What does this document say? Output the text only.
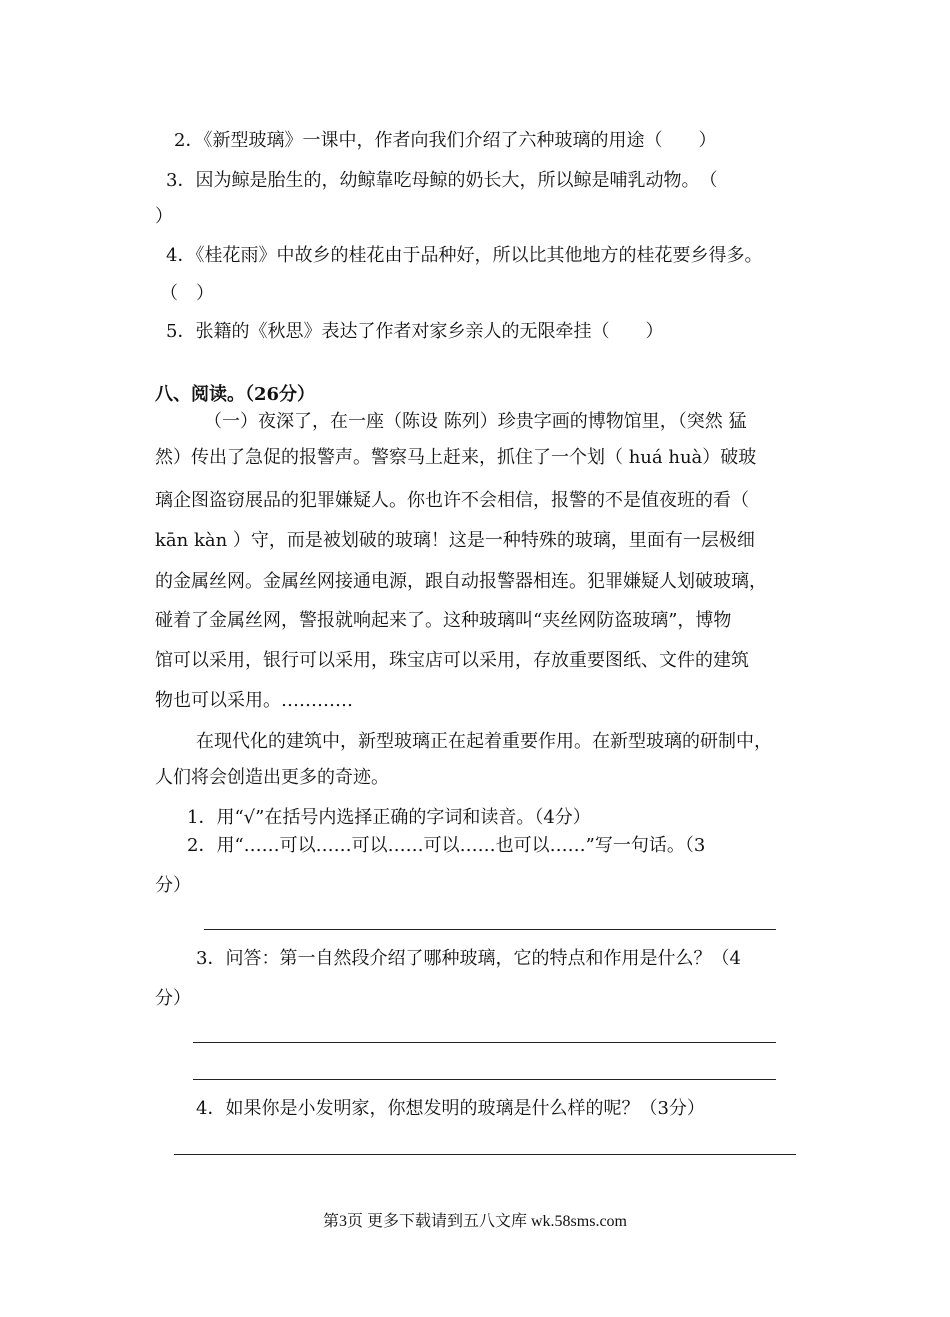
2．《新型玻璃》一课中，作者向我们介绍了六种玻璃的用途（　　）
3．因为鲸是胎生的，幼鲸靠吃母鲸的奶长大，所以鲸是哺乳动物。　（
）
4．《桂花雨》中故乡的桂花由于品种好，所以比其他地方的桂花要乡得多。
（　）
5．张籍的《秋思》表达了作者对家乡亲人的无限牵挂（　　）
八、阅读。（26分）
（一）夜深了，在一座（陈设 陈列）珍贵字画的博物馆里，（突然 猛
然）传出了急促的报警声。警察马上赶来，抓住了一个划（ huá huà）破玻
璃企图盗窃展品的犯罪嫌疑人。你也许不会相信，报警的不是值夜班的看（
kān kàn ）守，而是被划破的玻璃！这是一种特殊的玻璃，里面有一层极细
的金属丝网。金属丝网接通电源，跟自动报警器相连。犯罪嫌疑人划破玻璃，
碰着了金属丝网，警报就响起来了。这种玻璃叫“夹丝网防盗玻璃”，博物
馆可以采用，银行可以采用，珠宝店可以采用，存放重要图纸、文件的建筑
物也可以采用。…………
在现代化的建筑中，新型玻璃正在起着重要作用。在新型玻璃的研制中，
人们将会创造出更多的奇迹。
1．用“√”在括号内选择正确的字词和读音。（4分）
2．用“……可以……可以……可以……也可以……”写一句话。（3
分）
3．问答：第一自然段介绍了哪种玻璃，它的特点和作用是什么？（4
分）
4．如果你是小发明家，你想发明的玻璃是什么样的呢？（3分）
第3页 更多下载请到五八文库 wk.58sms.com
